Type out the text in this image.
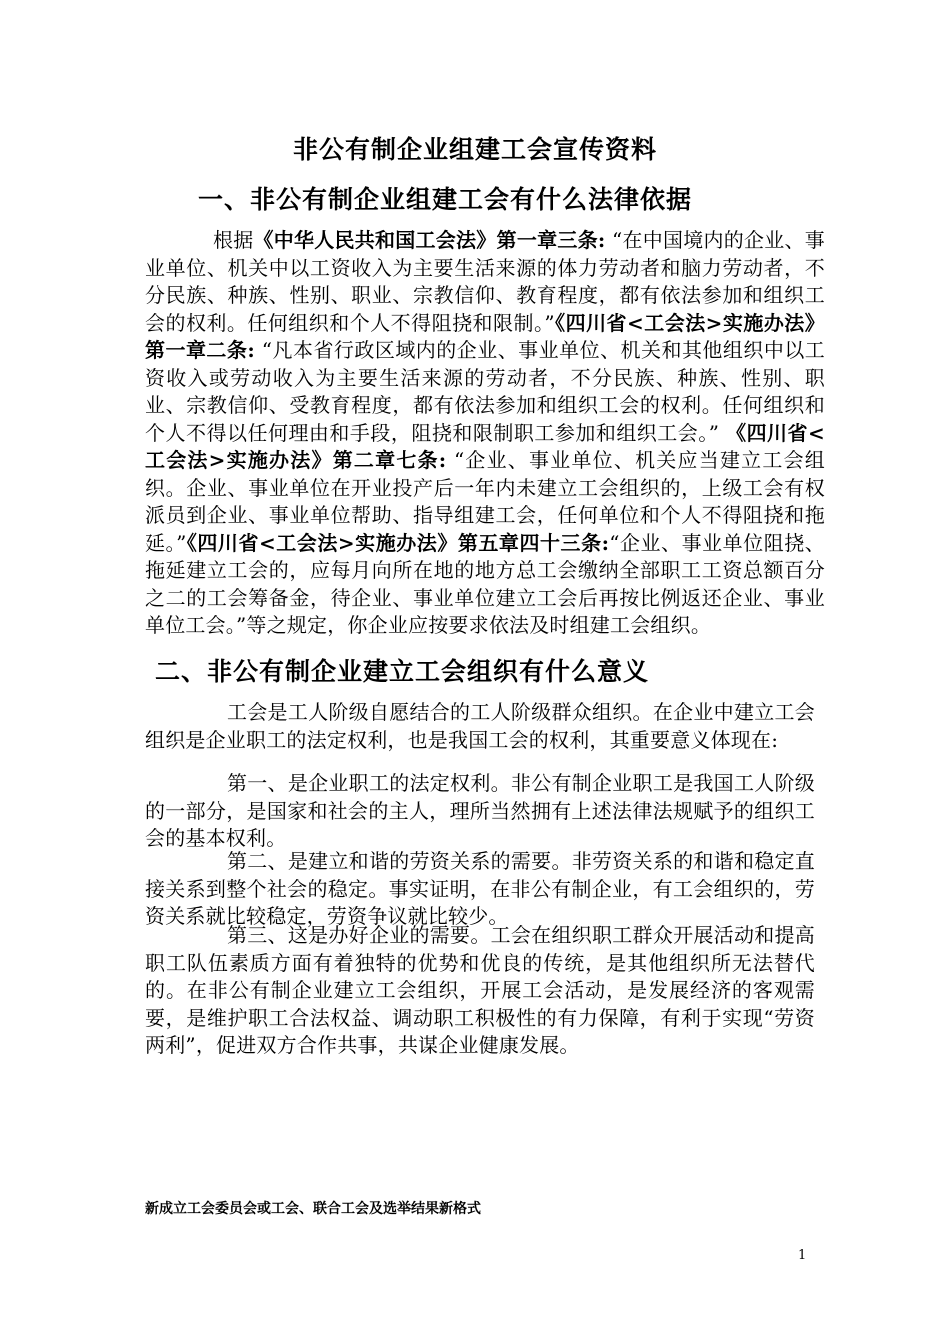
非公有制企业组建工会宣传资料
一、非公有制企业组建工会有什么法律依据
根据《中华人民共和国工会法》第一章三条: “在中国境内的企业、事业单位、机关中以工资收入为主要生活来源的体力劳动者和脑力劳动者，不分民族、种族、性别、职业、宗教信仰、教育程度，都有依法参加和组织工会的权利。任何组织和个人不得阻挠和限制。”《四川省<工会法>实施办法》第一章二条: “凡本省行政区域内的企业、事业单位、机关和其他组织中以工资收入或劳动收入为主要生活来源的劳动者，不分民族、种族、性别、职业、宗教信仰、受教育程度，都有依法参加和组织工会的权利。任何组织和个人不得以任何理由和手段，阻挠和限制职工参加和组织工会。” 《四川省<工会法>实施办法》第二章七条: “企业、事业单位、机关应当建立工会组织。企业、事业单位在开业投产后一年内未建立工会组织的，上级工会有权派员到企业、事业单位帮助、指导组建工会，任何单位和个人不得阻挠和拖延。”《四川省<工会法>实施办法》第五章四十三条:“企业、事业单位阻挠、拖延建立工会的，应每月向所在地的地方总工会缴纳全部职工工资总额百分之二的工会筹备金，待企业、事业单位建立工会后再按比例返还企业、事业单位工会。”等之规定，你企业应按要求依法及时组建工会组织。
二、非公有制企业建立工会组织有什么意义
工会是工人阶级自愿结合的工人阶级群众组织。在企业中建立工会组织是企业职工的法定权利，也是我国工会的权利，其重要意义体现在:
第一、是企业职工的法定权利。非公有制企业职工是我国工人阶级的一部分，是国家和社会的主人，理所当然拥有上述法律法规赋予的组织工会的基本权利。
第二、是建立和谐的劳资关系的需要。非劳资关系的和谐和稳定直接关系到整个社会的稳定。事实证明，在非公有制企业，有工会组织的，劳资关系就比较稳定，劳资争议就比较少。
第三、这是办好企业的需要。工会在组织职工群众开展活动和提高职工队伍素质方面有着独特的优势和优良的传统，是其他组织所无法替代的。在非公有制企业建立工会组织，开展工会活动，是发展经济的客观需要，是维护职工合法权益、调动职工积极性的有力保障，有利于实现“劳资两利”，促进双方合作共事，共谋企业健康发展。
新成立工会委员会或工会、联合工会及选举结果新格式
1
